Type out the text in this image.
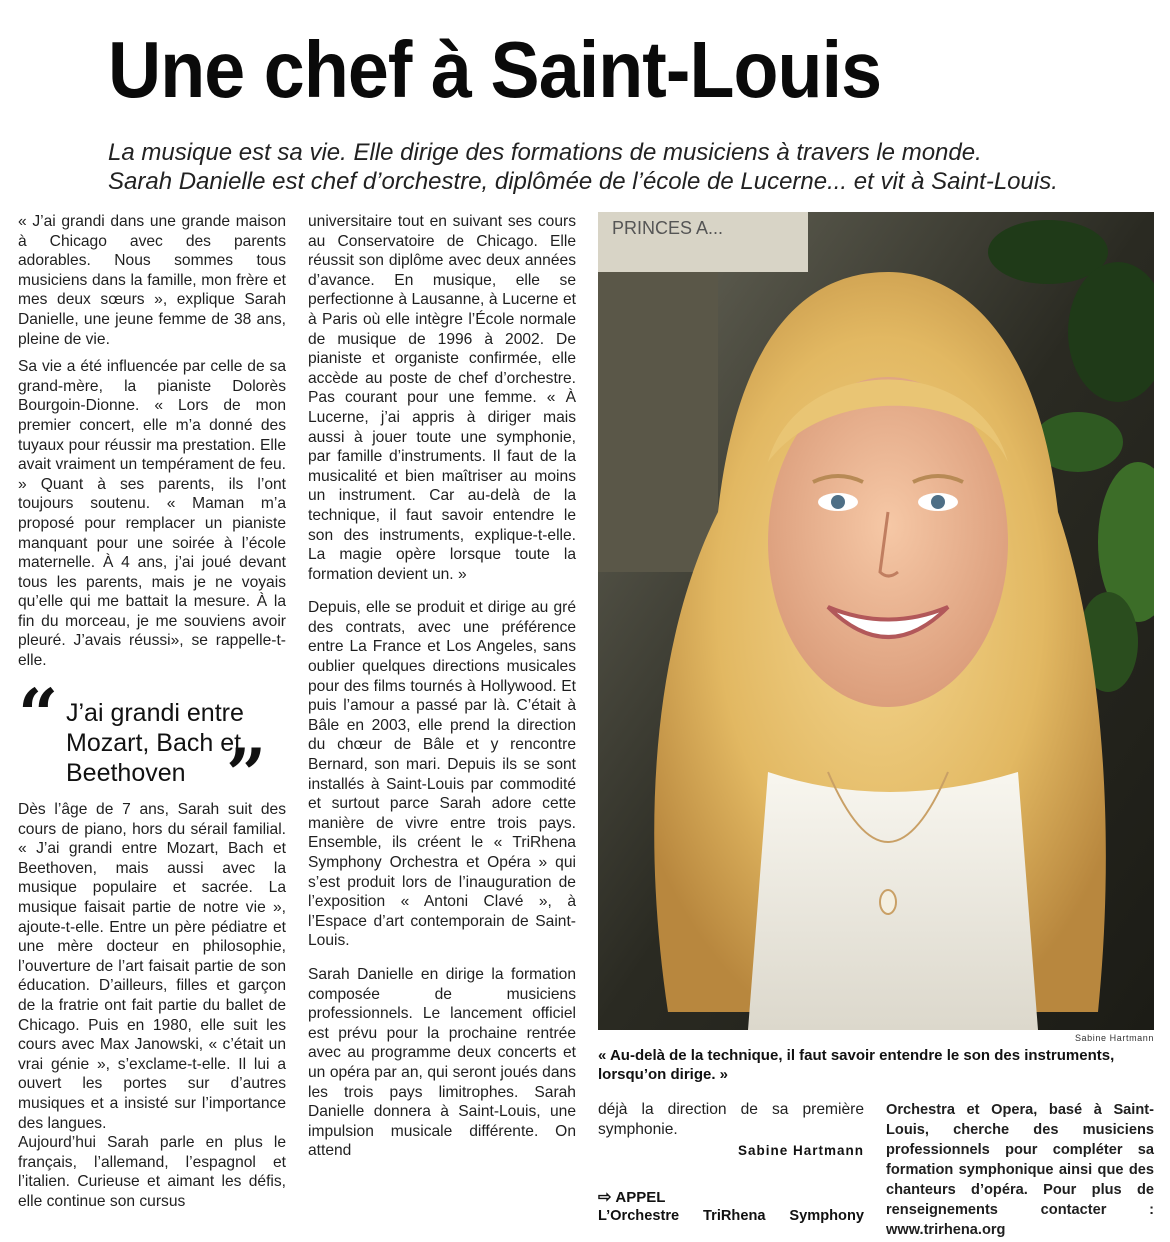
Une chef à Saint-Louis

La musique est sa vie. Elle dirige des formations de musiciens à travers le monde.

Sarah Danielle est chef d’orchestre, diplômée de l’école de Lucerne... et vit à Saint-Louis.

« J’ai grandi dans une grande maison à Chicago avec des parents adorables. Nous sommes tous musiciens dans la famille, mon frère et mes deux sœurs », explique Sarah Danielle, une jeune femme de 38 ans, pleine de vie.

Sa vie a été influencée par celle de sa grand-mère, la pianiste Dolorès Bourgoin-Dionne. « Lors de mon premier concert, elle m’a donné des tuyaux pour réussir ma prestation. Elle avait vraiment un tempérament de feu. » Quant à ses parents, ils l’ont toujours soutenu. « Maman m’a proposé pour remplacer un pianiste manquant pour une soirée à l’école maternelle. À 4 ans, j’ai joué devant tous les parents, mais je ne voyais qu’elle qui me battait la mesure. À la fin du morceau, je me souviens avoir pleuré. J’avais réussi», se rappelle-t-elle.

“ J’ai grandi entre Mozart, Bach et Beethoven ”

Dès l’âge de 7 ans, Sarah suit des cours de piano, hors du sérail familial. « J’ai grandi entre Mozart, Bach et Beethoven, mais aussi avec la musique populaire et sacrée. La musique faisait partie de notre vie », ajoute-t-elle. Entre un père pédiatre et une mère docteur en philosophie, l’ouverture de l’art faisait partie de son éducation. D’ailleurs, filles et garçon de la fratrie ont fait partie du ballet de Chicago. Puis en 1980, elle suit les cours avec Max Janowski, « c’était un vrai génie », s’exclame-t-elle. Il lui a ouvert les portes sur d’autres musiques et a insisté sur l’importance des langues.

Aujourd’hui Sarah parle en plus le français, l’allemand, l’espagnol et l’italien. Curieuse et aimant les défis, elle continue son cursus

universitaire tout en suivant ses cours au Conservatoire de Chicago. Elle réussit son diplôme avec deux années d’avance. En musique, elle se perfectionne à Lausanne, à Lucerne et à Paris où elle intègre l’École normale de musique de 1996 à 2002. De pianiste et organiste confirmée, elle accède au poste de chef d’orchestre. Pas courant pour une femme. « À Lucerne, j’ai appris à diriger mais aussi à jouer toute une symphonie, par famille d’instruments. Il faut de la musicalité et bien maîtriser au moins un instrument. Car au-delà de la technique, il faut savoir entendre le son des instruments, explique-t-elle. La magie opère lorsque toute la formation devient un. »

Depuis, elle se produit et dirige au gré des contrats, avec une préférence entre La France et Los Angeles, sans oublier quelques directions musicales pour des films tournés à Hollywood. Et puis l’amour a passé par là. C’était à Bâle en 2003, elle prend la direction du chœur de Bâle et y rencontre Bernard, son mari. Depuis ils se sont installés à Saint-Louis par commodité et surtout parce Sarah adore cette manière de vivre entre trois pays. Ensemble, ils créent le « TriRhena Symphony Orchestra et Opéra » qui s’est produit lors de l’inauguration de l’exposition « Antoni Clavé », à l’Espace d’art contemporain de Saint-Louis.

Sarah Danielle en dirige la formation composée de musiciens professionnels. Le lancement officiel est prévu pour la prochaine rentrée avec au programme deux concerts et un opéra par an, qui seront joués dans les trois pays limitrophes. Sarah Danielle donnera à Saint-Louis, une impulsion musicale différente. On attend

PRINCES A...
Sabine Hartmann
« Au-delà de la technique, il faut savoir entendre le son des instruments, lorsqu’on dirige. »

déjà la direction de sa première symphonie.

Sabine Hartmann
⇨ APPEL
L’Orchestre TriRhena Symphony

Orchestra et Opera, basé à Saint-Louis, cherche des musiciens professionnels pour compléter sa formation symphonique ainsi que des chanteurs d’opéra. Pour plus de renseignements contacter : www.trirhena.org
